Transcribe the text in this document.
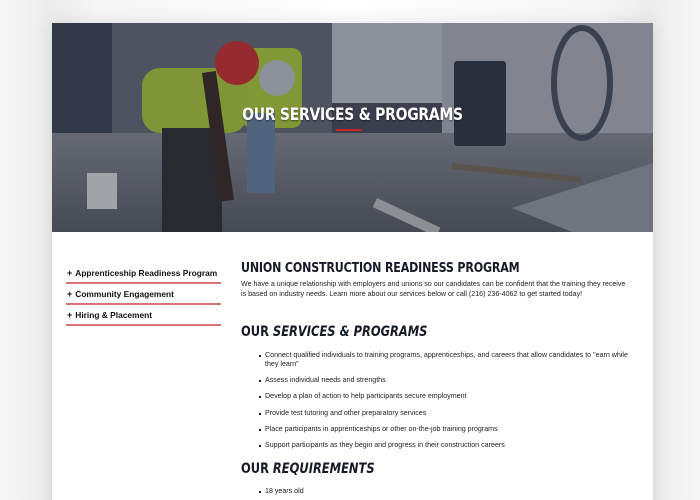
OUR SERVICES & PROGRAMS
+ Apprenticeship Readiness Program
+ Community Engagement
+ Hiring & Placement
UNION CONSTRUCTION READINESS PROGRAM

We have a unique relationship with employers and unions so our candidates can be confident that the training they receive is based on industry needs. Learn more about our services below or call (216) 236-4062 to get started today!

OUR SERVICES & PROGRAMS
Connect qualified individuals to training programs, apprenticeships, and careers that allow candidates to "earn while they learn"
Assess individual needs and strengths
Develop a plan of action to help participants secure employment
Provide test tutoring and other preparatory services
Place participants in apprenticeships or other on-the-job training programs
Support participants as they begin and progress in their construction careers
OUR REQUIREMENTS
18 years old
